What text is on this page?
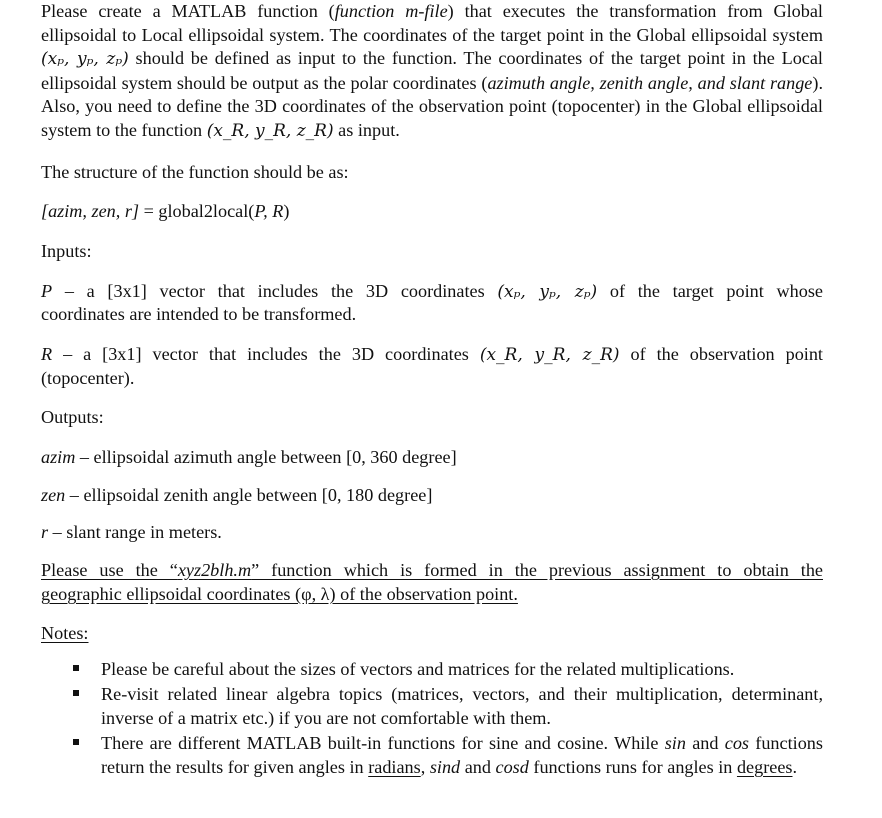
Please create a MATLAB function (function m-file) that executes the transformation from Global ellipsoidal to Local ellipsoidal system. The coordinates of the target point in the Global ellipsoidal system (xₚ, yₚ, zₚ) should be defined as input to the function. The coordinates of the target point in the Local ellipsoidal system should be output as the polar coordinates (azimuth angle, zenith angle, and slant range). Also, you need to define the 3D coordinates of the observation point (topocenter) in the Global ellipsoidal system to the function (x_R, y_R, z_R) as input.

The structure of the function should be as:
[azim, zen, r] = global2local(P, R)
Inputs:
P – a [3x1] vector that includes the 3D coordinates (xₚ, yₚ, zₚ) of the target point whose
coordinates are intended to be transformed.
R – a [3x1] vector that includes the 3D coordinates (x_R, y_R, z_R) of the observation point
(topocenter).
Outputs:
azim – ellipsoidal azimuth angle between [0, 360 degree]
zen – ellipsoidal zenith angle between [0, 180 degree]
r – slant range in meters.
Please use the “xyz2blh.m” function which is formed in the previous assignment to obtain the
geographic ellipsoidal coordinates (φ, λ) of the observation point.
Notes:
Please be careful about the sizes of vectors and matrices for the related multiplications.
Re-visit related linear algebra topics (matrices, vectors, and their multiplication, determinant, inverse of a matrix etc.) if you are not comfortable with them.
There are different MATLAB built-in functions for sine and cosine. While sin and cos functions return the results for given angles in radians, sind and cosd functions runs for angles in degrees.
